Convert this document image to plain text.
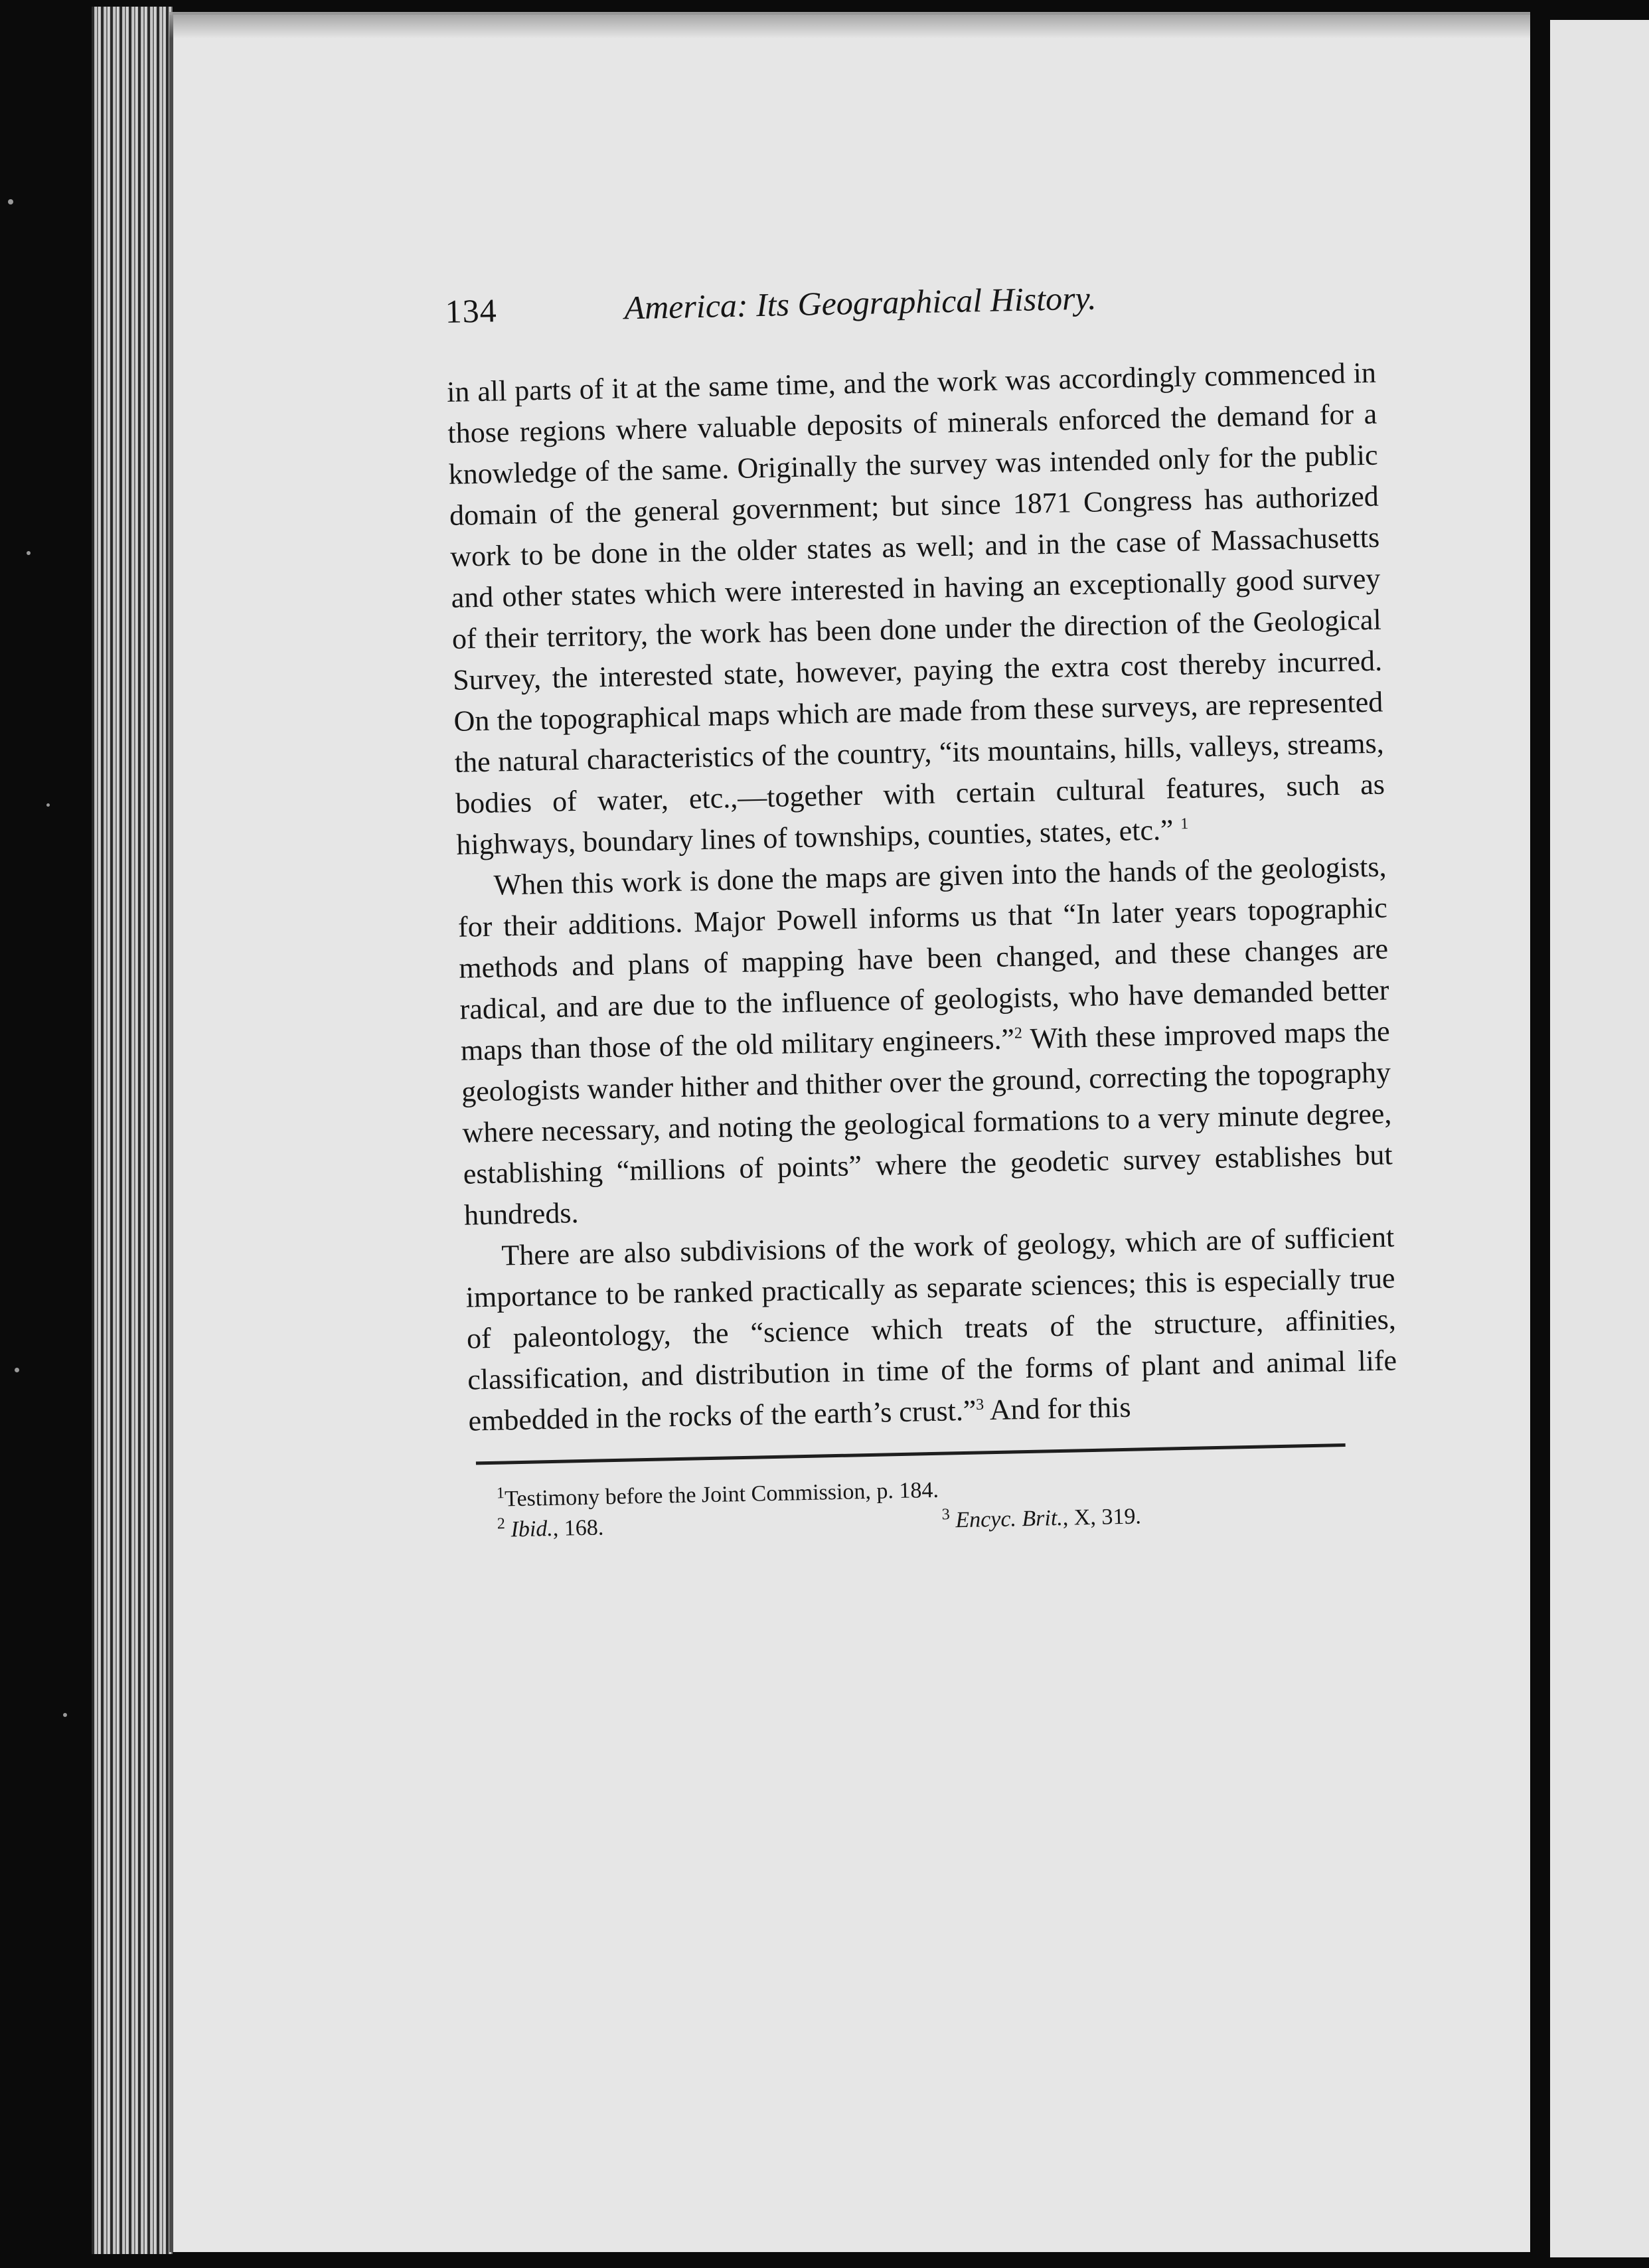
134	America: Its Geographical History.

in all parts of it at the same time, and the work was accordingly commenced in those regions where valuable deposits of minerals enforced the demand for a knowledge of the same. Originally the survey was intended only for the public domain of the general government; but since 1871 Congress has authorized work to be done in the older states as well; and in the case of Massachusetts and other states which were interested in having an exceptionally good survey of their territory, the work has been done under the direction of the Geological Survey, the interested state, however, paying the extra cost thereby incurred. On the topographical maps which are made from these surveys, are represented the natural characteristics of the country, “its mountains, hills, valleys, streams, bodies of water, etc.,—together with certain cultural features, such as highways, boundary lines of townships, counties, states, etc.” $^1$

When this work is done the maps are given into the hands of the geologists, for their additions. Major Powell informs us that “In later years topographic methods and plans of mapping have been changed, and these changes are radical, and are due to the influence of geologists, who have demanded better maps than those of the old military engineers.”$^2$ With these improved maps the geologists wander hither and thither over the ground, correcting the topography where necessary, and noting the geological formations to a very minute degree, establishing “millions of points” where the geodetic survey establishes but hundreds.

There are also subdivisions of the work of geology, which are of sufficient importance to be ranked practically as separate sciences; this is especially true of paleontology, the “science which treats of the structure, affinities, classification, and distribution in time of the forms of plant and animal life embedded in the rocks of the earth’s crust.”$^3$ And for this

$^1$Testimony before the Joint Commission, p. 184.
$^2$ Ibid., 168.
$^3$ Encyc. Brit., X, 319.
